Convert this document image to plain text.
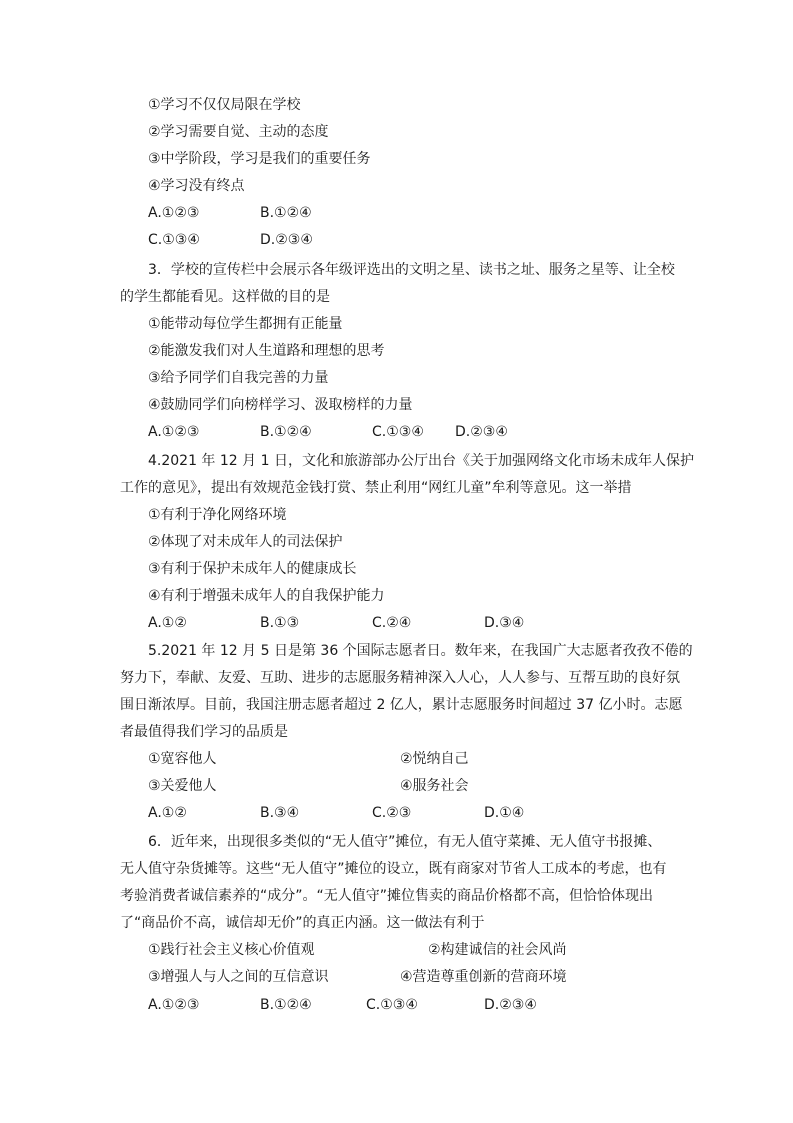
①学习不仅仅局限在学校
②学习需要自觉、主动的态度
③中学阶段，学习是我们的重要任务
④学习没有终点
A.①②③	B.①②④
C.①③④	D.②③④
3．学校的宣传栏中会展示各年级评选出的文明之星、读书之址、服务之星等、让全校
的学生都能看见。这样做的目的是
①能带动每位学生都拥有正能量
②能激发我们对人生道路和理想的思考
③给予同学们自我完善的力量
④鼓励同学们向榜样学习、汲取榜样的力量
A.①②③	B.①②④	C.①③④ D.②③④
4.2021 年 12 月 1 日，文化和旅游部办公厅出台《关于加强网络文化市场未成年人保护
工作的意见》，提出有效规范金钱打赏、禁止利用“网红儿童”牟利等意见。这一举措
①有利于净化网络环境
②体现了对未成年人的司法保护
③有利于保护未成年人的健康成长
④有利于增强未成年人的自我保护能力
A.①②	B.①③	C.②④	D.③④
5.2021 年 12 月 5 日是第 36 个国际志愿者日。数年来，在我国广大志愿者孜孜不倦的
努力下，奉献、友爱、互助、进步的志愿服务精神深入人心，人人参与、互帮互助的良好氛
围日渐浓厚。目前，我国注册志愿者超过 2 亿人，累计志愿服务时间超过 37 亿小时。志愿
者最值得我们学习的品质是
①宽容他人	②悦纳自己
③关爱他人	④服务社会
A.①②	B.③④	C.②③	D.①④
6．近年来，出现很多类似的“无人值守”摊位，有无人值守菜摊、无人值守书报摊、
无人值守杂货摊等。这些“无人值守”摊位的设立，既有商家对节省人工成本的考虑，也有
考验消费者诚信素养的“成分”。“无人值守”摊位售卖的商品价格都不高，但恰恰体现出
了“商品价不高，诚信却无价”的真正内涵。这一做法有利于
①践行社会主义核心价值观	②构建诚信的社会风尚
③增强人与人之间的互信意识	④营造尊重创新的营商环境
A.①②③	B.①②④	C.①③④	D.②③④
